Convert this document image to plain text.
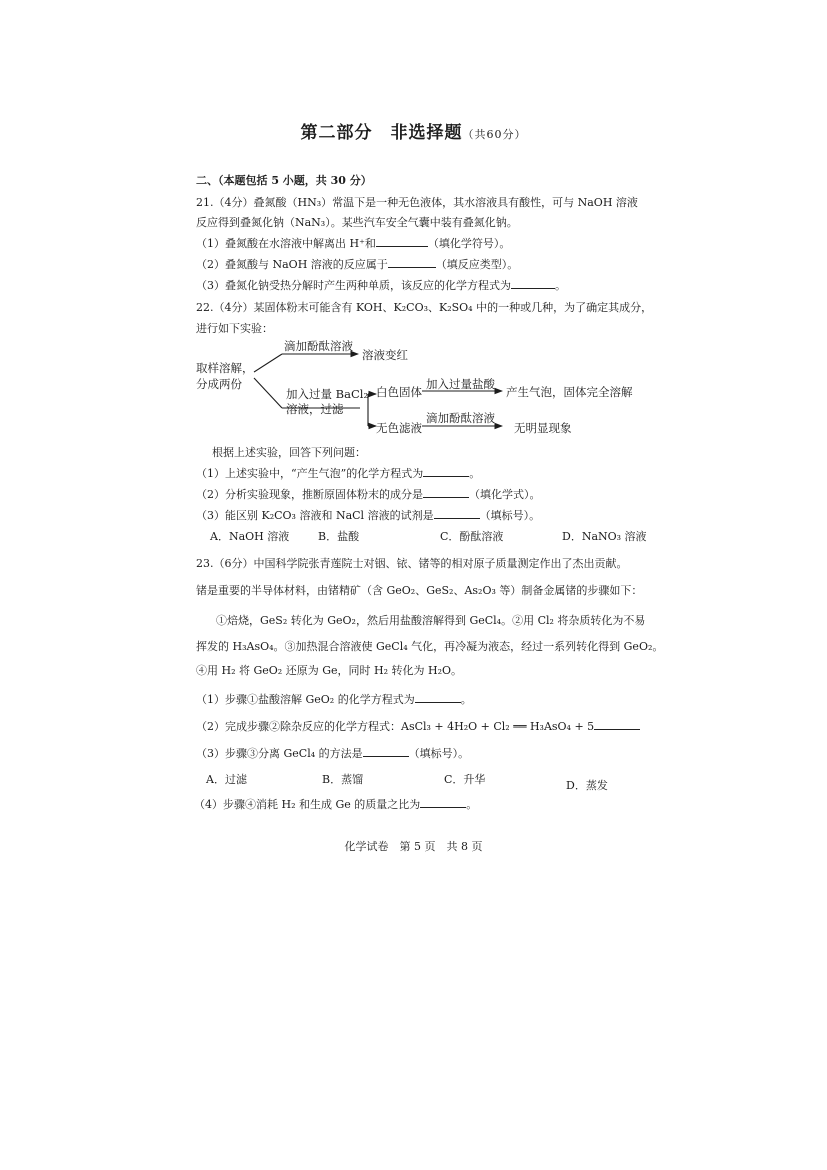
第二部分　非选择题（共60分）
二、（本题包括 5 小题，共 30 分）
21.（4分）叠氮酸（HN₃）常温下是一种无色液体，其水溶液具有酸性，可与 NaOH 溶液
反应得到叠氮化钠（NaN₃）。某些汽车安全气囊中装有叠氮化钠。
（1）叠氮酸在水溶液中解离出 H⁺和	（填化学符号）。
（2）叠氮酸与 NaOH 溶液的反应属于	（填反应类型）。
（3）叠氮化钠受热分解时产生两种单质，该反应的化学方程式为	。
22.（4分）某固体粉末可能含有 KOH、K₂CO₃、K₂SO₄ 中的一种或几种，为了确定其成分，
进行如下实验：
取样溶解，
分成两份
滴加酚酞溶液
溶液变红
加入过量 BaCl₂
溶液，过滤
白色固体
加入过量盐酸
产生气泡，固体完全溶解
无色滤液
滴加酚酞溶液
无明显现象
根据上述实验，回答下列问题：
（1）上述实验中，“产生气泡”的化学方程式为	。
（2）分析实验现象，推断原固体粉末的成分是	（填化学式）。
（3）能区别 K₂CO₃ 溶液和 NaCl 溶液的试剂是	（填标号）。
A．NaOH 溶液	B．盐酸	C．酚酞溶液	D．NaNO₃ 溶液
23.（6分）中国科学院张青莲院士对铟、铱、锗等的相对原子质量测定作出了杰出贡献。
锗是重要的半导体材料，由锗精矿（含 GeO₂、GeS₂、As₂O₃ 等）制备金属锗的步骤如下：
①焙烧，GeS₂ 转化为 GeO₂，然后用盐酸溶解得到 GeCl₄。②用 Cl₂ 将杂质转化为不易
挥发的 H₃AsO₄。③加热混合溶液使 GeCl₄ 气化，再冷凝为液态，经过一系列转化得到 GeO₂。
④用 H₂ 将 GeO₂ 还原为 Ge，同时 H₂ 转化为 H₂O。
（1）步骤①盐酸溶解 GeO₂ 的化学方程式为	。
（2）完成步骤②除杂反应的化学方程式：AsCl₃ + 4H₂O + Cl₂ ══ H₃AsO₄ + 5
（3）步骤③分离 GeCl₄ 的方法是	（填标号）。
A．过滤	B．蒸馏	C．升华	D．蒸发
（4）步骤④消耗 H₂ 和生成 Ge 的质量之比为	。
化学试卷　第 5 页　共 8 页
